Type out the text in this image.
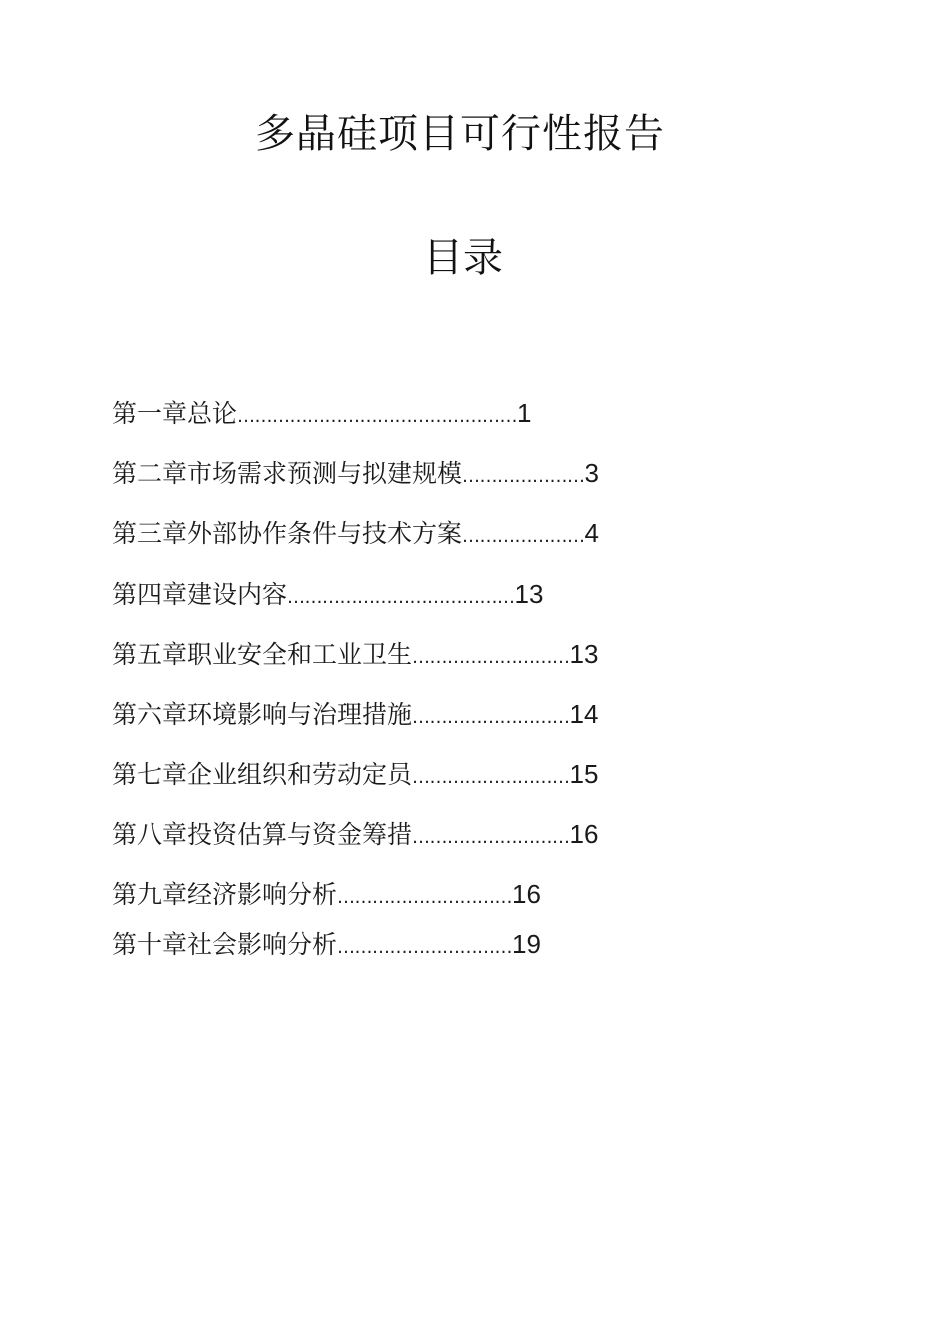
多晶硅项目可行性报告
目录
第一章总论…………………………………………1
第二章市场需求预测与拟建规模…………………3
第三章外部协作条件与技术方案…………………4
第四章建设内容…………………………………13
第五章职业安全和工业卫生………………………13
第六章环境影响与治理措施………………………14
第七章企业组织和劳动定员………………………15
第八章投资估算与资金筹措………………………16
第九章经济影响分析…………………………16
第十章社会影响分析…………………………19
